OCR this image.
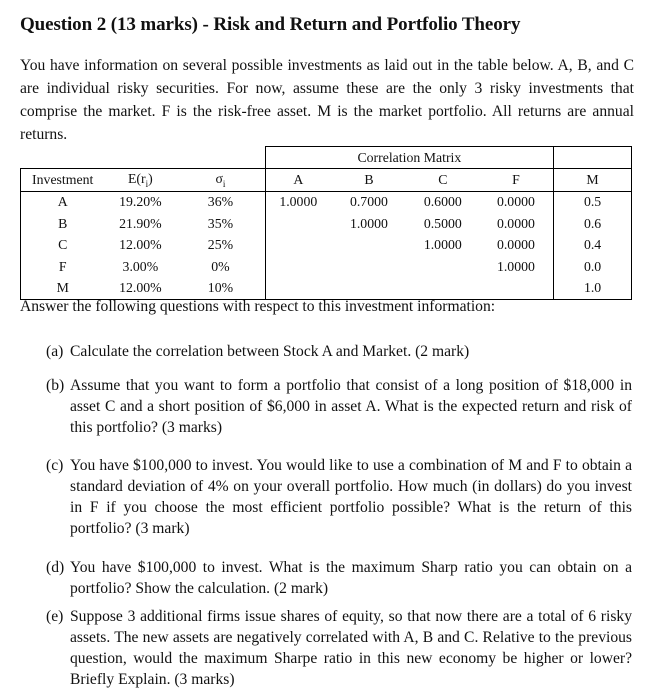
Question 2 (13 marks) - Risk and Return and Portfolio Theory

You have information on several possible investments as laid out in the table below. A, B, and C are individual risky securities. For now, assume these are the only 3 risky investments that comprise the market. F is the risk-free asset. M is the market portfolio. All returns are annual returns.

			Correlation Matrix				
Investment	$E(r_i)$	$\sigma_i$	A	B	C	F	M
A	19.20%	36%	1.0000	0.7000	0.6000	0.0000	0.5
B	21.90%	35%		1.0000	0.5000	0.0000	0.6
C	12.00%	25%			1.0000	0.0000	0.4
F	3.00%	0%				1.0000	0.0
M	12.00%	10%					1.0
Answer the following questions with respect to this investment information:
(a) Calculate the correlation between Stock A and Market. (2 mark)
(b) Assume that you want to form a portfolio that consist of a long position of $18,000 in asset C and a short position of $6,000 in asset A. What is the expected return and risk of this portfolio? (3 marks)
(c) You have $100,000 to invest. You would like to use a combination of M and F to obtain a standard deviation of 4% on your overall portfolio. How much (in dollars) do you invest in F if you choose the most efficient portfolio possible? What is the return of this portfolio? (3 mark)
(d) You have $100,000 to invest. What is the maximum Sharp ratio you can obtain on a portfolio? Show the calculation. (2 mark)
(e) Suppose 3 additional firms issue shares of equity, so that now there are a total of 6 risky assets. The new assets are negatively correlated with A, B and C. Relative to the previous question, would the maximum Sharpe ratio in this new economy be higher or lower? Briefly Explain. (3 marks)
